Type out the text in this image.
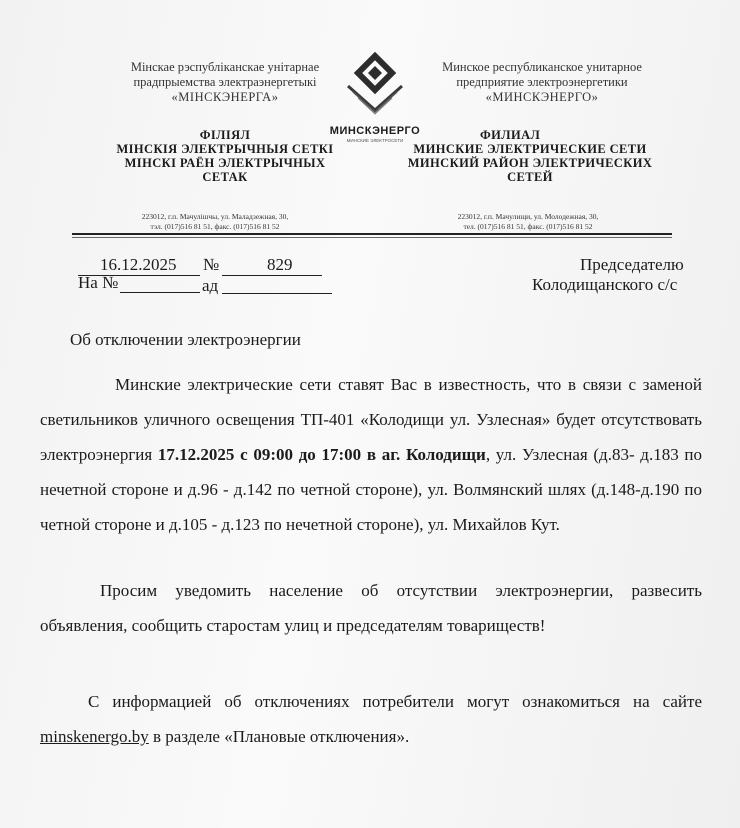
Мінскае рэспубліканскае унітарнае
прадпрыемства электраэнергетыкі
«МІНСКЭНЕРГА»
ФІЛІЯЛ
МІНСКІЯ ЭЛЕКТРЫЧНЫЯ СЕТКІ
МІНСКІ РАЁН ЭЛЕКТРЫЧНЫХ
СЕТАК
223012, г.п. Мачулішчы, ул. Маладзежная, 30,
тэл. (017)516 81 51, факс. (017)516 81 52
МИНСКЭНЕРГО
МИНСКИЕ ЭЛЕКТРОСЕТИ
Минское республиканское унитарное
предприятие электроэнергетики
«МИНСКЭНЕРГО»
ФИЛИАЛ
МИНСКИЕ ЭЛЕКТРИЧЕСКИЕ СЕТИ
МИНСКИЙ РАЙОН ЭЛЕКТРИЧЕСКИХ
СЕТЕЙ
223012, г.п. Мачулищи, ул. Молодежная, 30,
тел. (017)516 81 51, факс. (017)516 81 52
16.12.2025 №	829
На №	ад
Председателю
Колодищанского с/с
Об отключении электроэнергии
Минские электрические сети ставят Вас в известность, что в связи с заменой светильников уличного освещения ТП-401 «Колодищи ул. Узлесная» будет отсутствовать электроэнергия 17.12.2025 с 09:00 до 17:00 в аг. Колодищи, ул. Узлесная (д.83- д.183 по нечетной стороне и д.96 - д.142 по четной стороне), ул. Волмянский шлях (д.148-д.190 по четной стороне и д.105 - д.123 по нечетной стороне), ул. Михайлов Кут.
Просим уведомить население об отсутствии электроэнергии, развесить объявления, сообщить старостам улиц и председателям товариществ!
С информацией об отключениях потребители могут ознакомиться на сайте minskenergo.by в разделе «Плановые отключения».
